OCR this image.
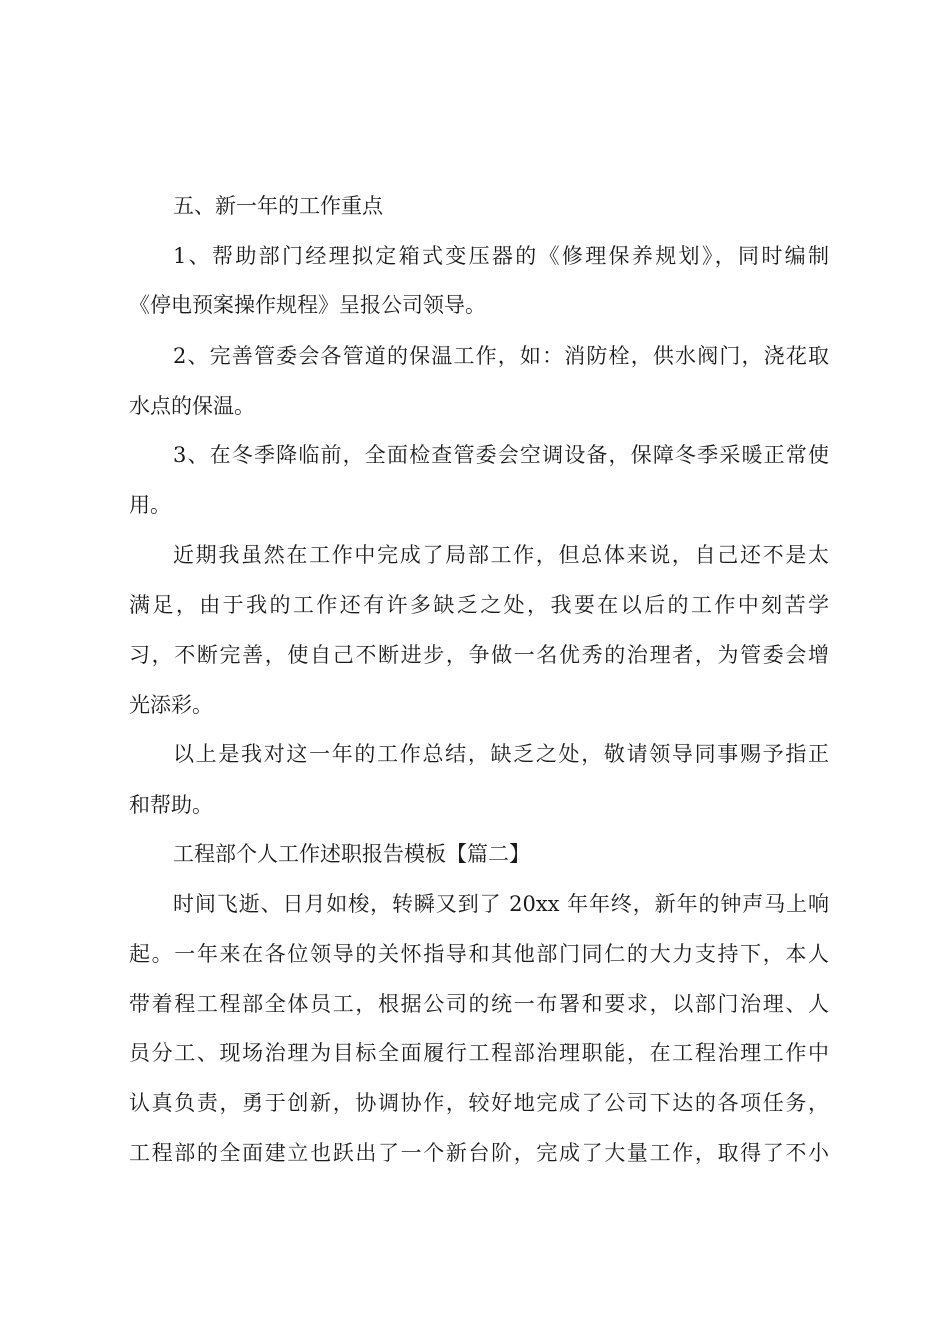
五、新一年的工作重点
1、帮助部门经理拟定箱式变压器的《修理保养规划》，同时编制
《停电预案操作规程》呈报公司领导。
2、完善管委会各管道的保温工作，如：消防栓，供水阀门，浇花取
水点的保温。
3、在冬季降临前，全面检查管委会空调设备，保障冬季采暖正常使
用。
近期我虽然在工作中完成了局部工作，但总体来说，自己还不是太
满足，由于我的工作还有许多缺乏之处，我要在以后的工作中刻苦学
习，不断完善，使自己不断进步，争做一名优秀的治理者，为管委会增
光添彩。
以上是我对这一年的工作总结，缺乏之处，敬请领导同事赐予指正
和帮助。
工程部个人工作述职报告模板【篇二】
时间飞逝、日月如梭，转瞬又到了 20xx 年年终，新年的钟声马上响
起。一年来在各位领导的关怀指导和其他部门同仁的大力支持下，本人
带着程工程部全体员工，根据公司的统一布署和要求，以部门治理、人
员分工、现场治理为目标全面履行工程部治理职能，在工程治理工作中
认真负责，勇于创新，协调协作，较好地完成了公司下达的各项任务，
工程部的全面建立也跃出了一个新台阶，完成了大量工作，取得了不小
